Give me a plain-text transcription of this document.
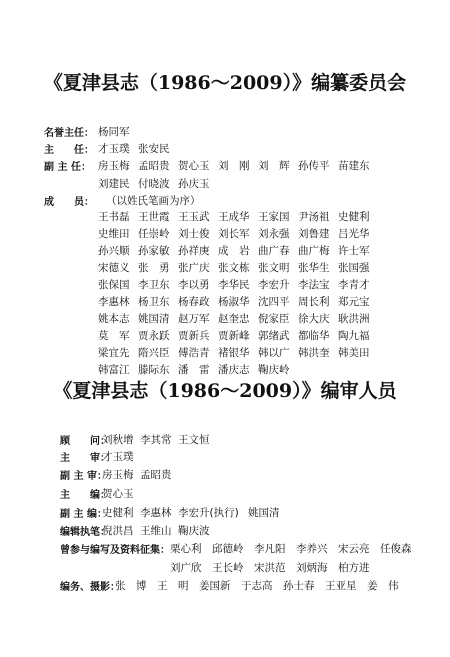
《夏津县志（1986～2009）》编纂委员会
名誉主任： 杨同军
主　　任： 才玉璞 张安民
副 主 任： 房玉梅 孟昭贵 贺心玉 刘　刚 刘　辉 孙传平 苗建东
刘建民 付晓波 孙庆玉
成　　员： （以姓氏笔画为序）
王书磊 王世霞 王玉武 王成华 王家国 尹汤祖 史健利
史维田 任崇岭 刘士俊 刘长军 刘永强 刘鲁建 吕光华
孙兴顺 孙家敏 孙祥庚 成　岩 曲广春 曲广梅 许士军
宋德义 张　勇 张广庆 张文栋 张文明 张华生 张国强
张保国 李卫东 李以勇 李华民 李宏升 李法宝 李青才
李惠林 杨卫东 杨春政 杨淑华 沈四平 周长利 郑元宝
姚本志 姚国清 赵万军 赵奎忠 倪家臣 徐大庆 耿洪洲
莫　军 贾永跃 贾新兵 贾新峰 郭绪武 都临华 陶九福
梁宜先 隋兴臣 傅浩青 褚银华 韩以广 韩洪奎 韩美田
韩富江 滕际东 潘　雷 潘庆志 鞠庆岭
《夏津县志（1986～2009）》编审人员
顾　　问：
刘秋增 李其常 王文恒
主　　审：
才玉璞
副 主 审：
房玉梅 孟昭贵
主　　编：
贺心玉
副 主 编：
史健利 李惠林 李宏升(执行) 姚国清
编辑执笔：
倪洪昌 王维山 鞠庆波
曾参与编写及资料征集： 栗心利 邱德岭 李凡阳 李养兴 宋云亮 任俊森
刘广欣 王长岭 宋洪范 刘炳海 柏方进
编务、摄影：
张　博 王　明 姜国新 于志高 孙士春 王亚星 姜　伟
